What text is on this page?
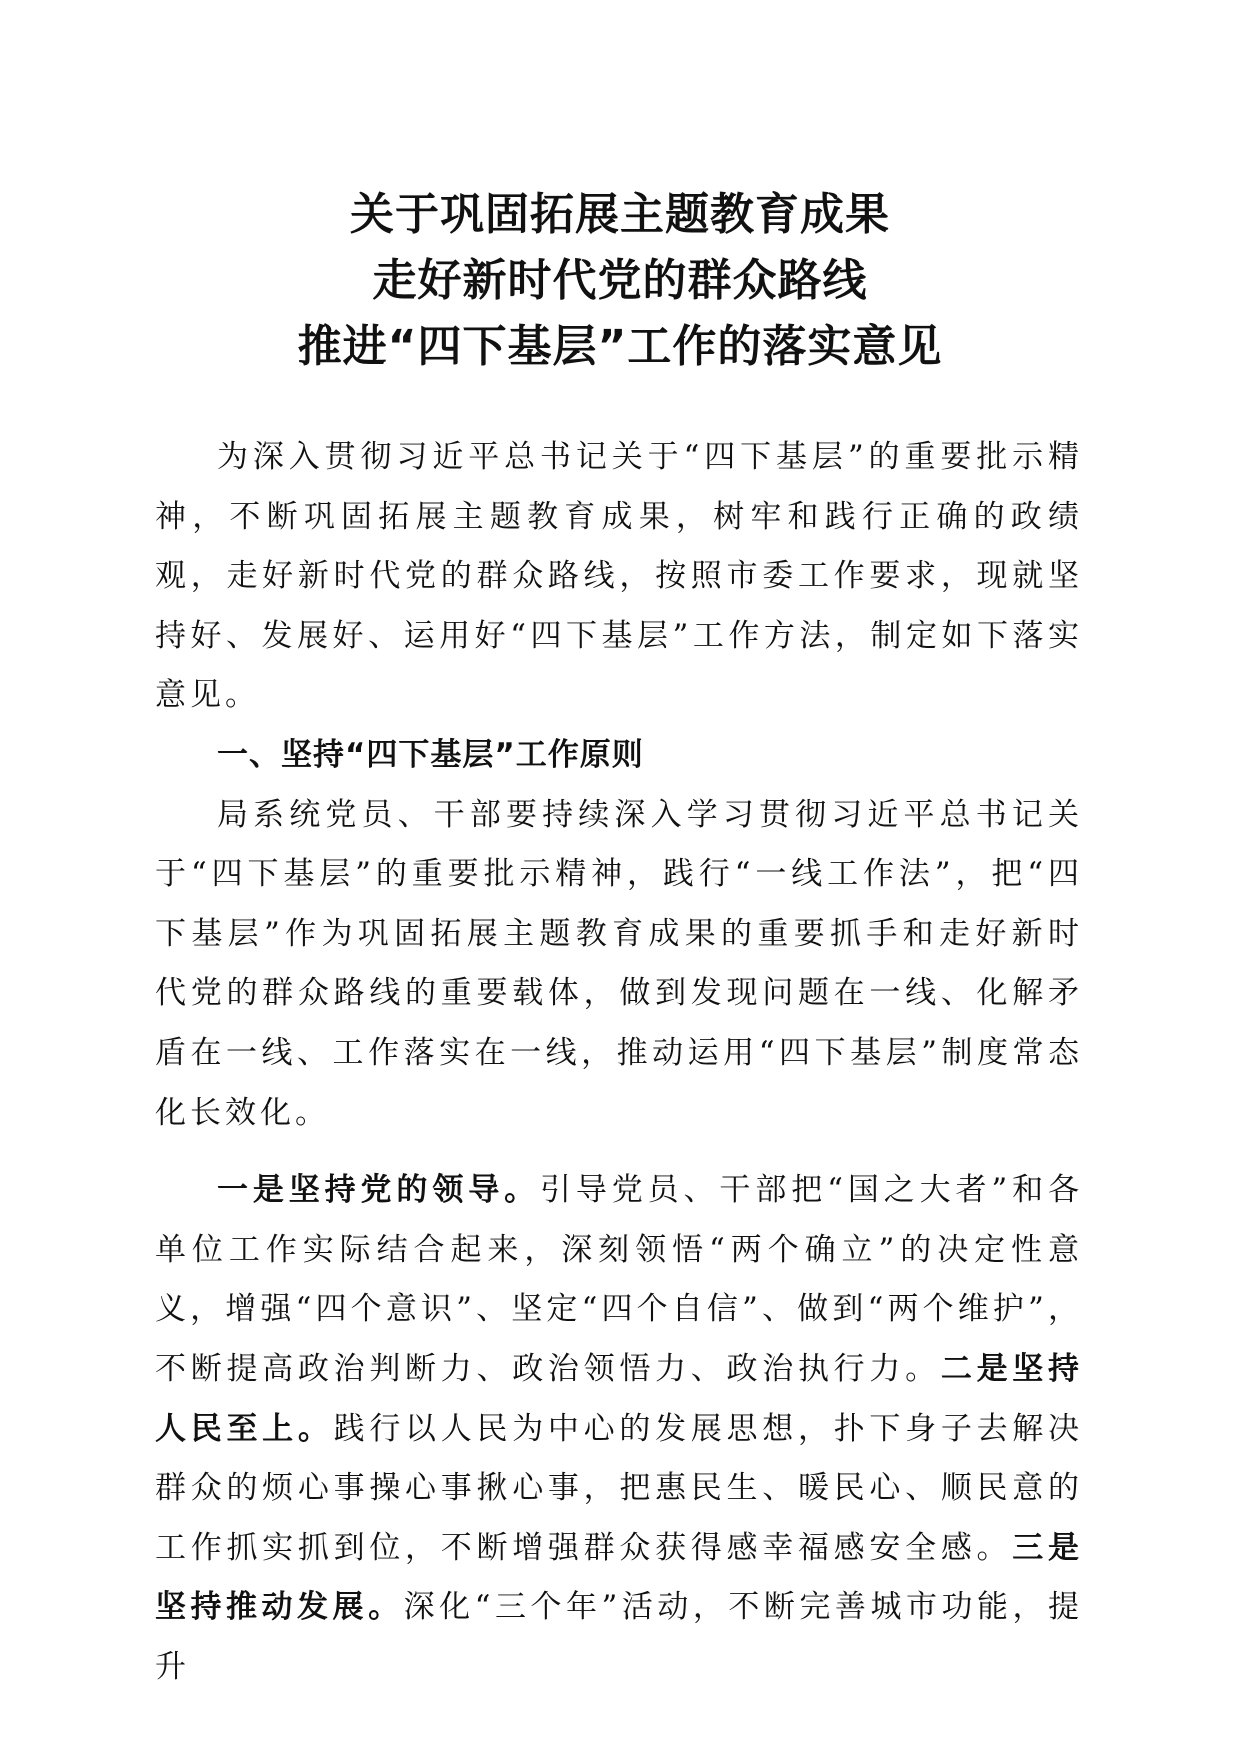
关于巩固拓展主题教育成果
走好新时代党的群众路线
推进“四下基层”工作的落实意见

为深入贯彻习近平总书记关于“四下基层”的重要批示精神，不断巩固拓展主题教育成果，树牢和践行正确的政绩观，走好新时代党的群众路线，按照市委工作要求，现就坚持好、发展好、运用好“四下基层”工作方法，制定如下落实意见。

一、坚持“四下基层”工作原则

局系统党员、干部要持续深入学习贯彻习近平总书记关于“四下基层”的重要批示精神，践行“一线工作法”，把“四下基层”作为巩固拓展主题教育成果的重要抓手和走好新时代党的群众路线的重要载体，做到发现问题在一线、化解矛盾在一线、工作落实在一线，推动运用“四下基层”制度常态化长效化。

一是坚持党的领导。引导党员、干部把“国之大者”和各单位工作实际结合起来，深刻领悟“两个确立”的决定性意义，增强“四个意识”、坚定“四个自信”、做到“两个维护”，不断提高政治判断力、政治领悟力、政治执行力。二是坚持人民至上。践行以人民为中心的发展思想，扑下身子去解决群众的烦心事操心事揪心事，把惠民生、暖民心、顺民意的工作抓实抓到位，不断增强群众获得感幸福感安全感。三是坚持推动发展。深化“三个年”活动，不断完善城市功能，提升
